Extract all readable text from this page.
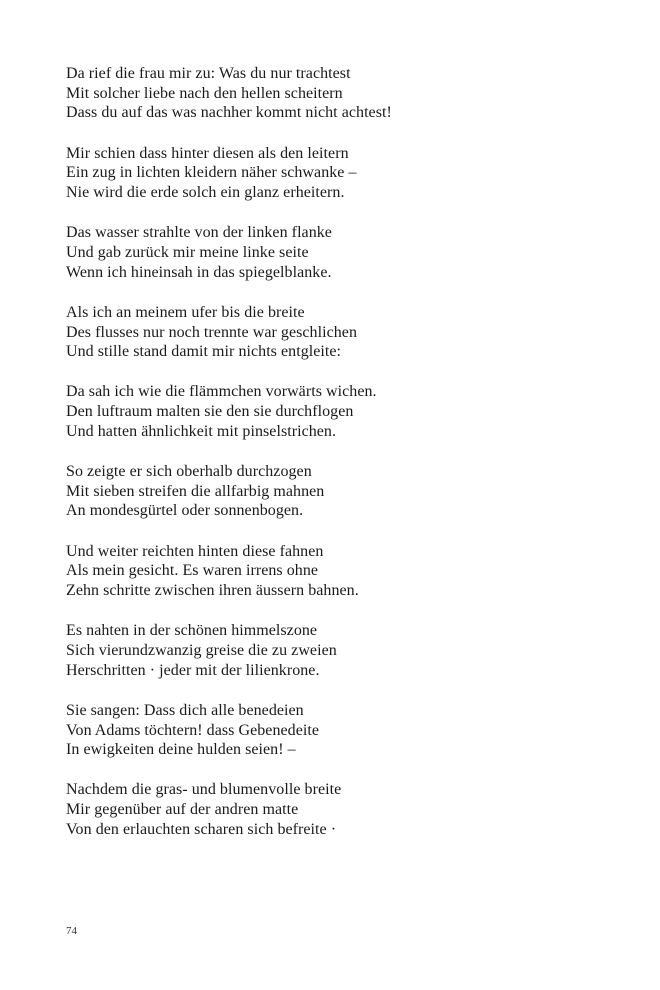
Da rief die frau mir zu: Was du nur trachtest
Mit solcher liebe nach den hellen scheitern
Dass du auf das was nachher kommt nicht achtest!
Mir schien dass hinter diesen als den leitern
Ein zug in lichten kleidern näher schwanke –
Nie wird die erde solch ein glanz erheitern.
Das wasser strahlte von der linken flanke
Und gab zurück mir meine linke seite
Wenn ich hineinsah in das spiegelblanke.
Als ich an meinem ufer bis die breite
Des flusses nur noch trennte war geschlichen
Und stille stand damit mir nichts entgleite:
Da sah ich wie die flämmchen vorwärts wichen.
Den luftraum malten sie den sie durchflogen
Und hatten ähnlichkeit mit pinselstrichen.
So zeigte er sich oberhalb durchzogen
Mit sieben streifen die allfarbig mahnen
An mondesgürtel oder sonnenbogen.
Und weiter reichten hinten diese fahnen
Als mein gesicht. Es waren irrens ohne
Zehn schritte zwischen ihren äussern bahnen.
Es nahten in der schönen himmelszone
Sich vierundzwanzig greise die zu zweien
Herschritten · jeder mit der lilienkrone.
Sie sangen: Dass dich alle benedeien
Von Adams töchtern! dass Gebenedeite
In ewigkeiten deine hulden seien! –
Nachdem die gras- und blumenvolle breite
Mir gegenüber auf der andren matte
Von den erlauchten scharen sich befreite ·
74
